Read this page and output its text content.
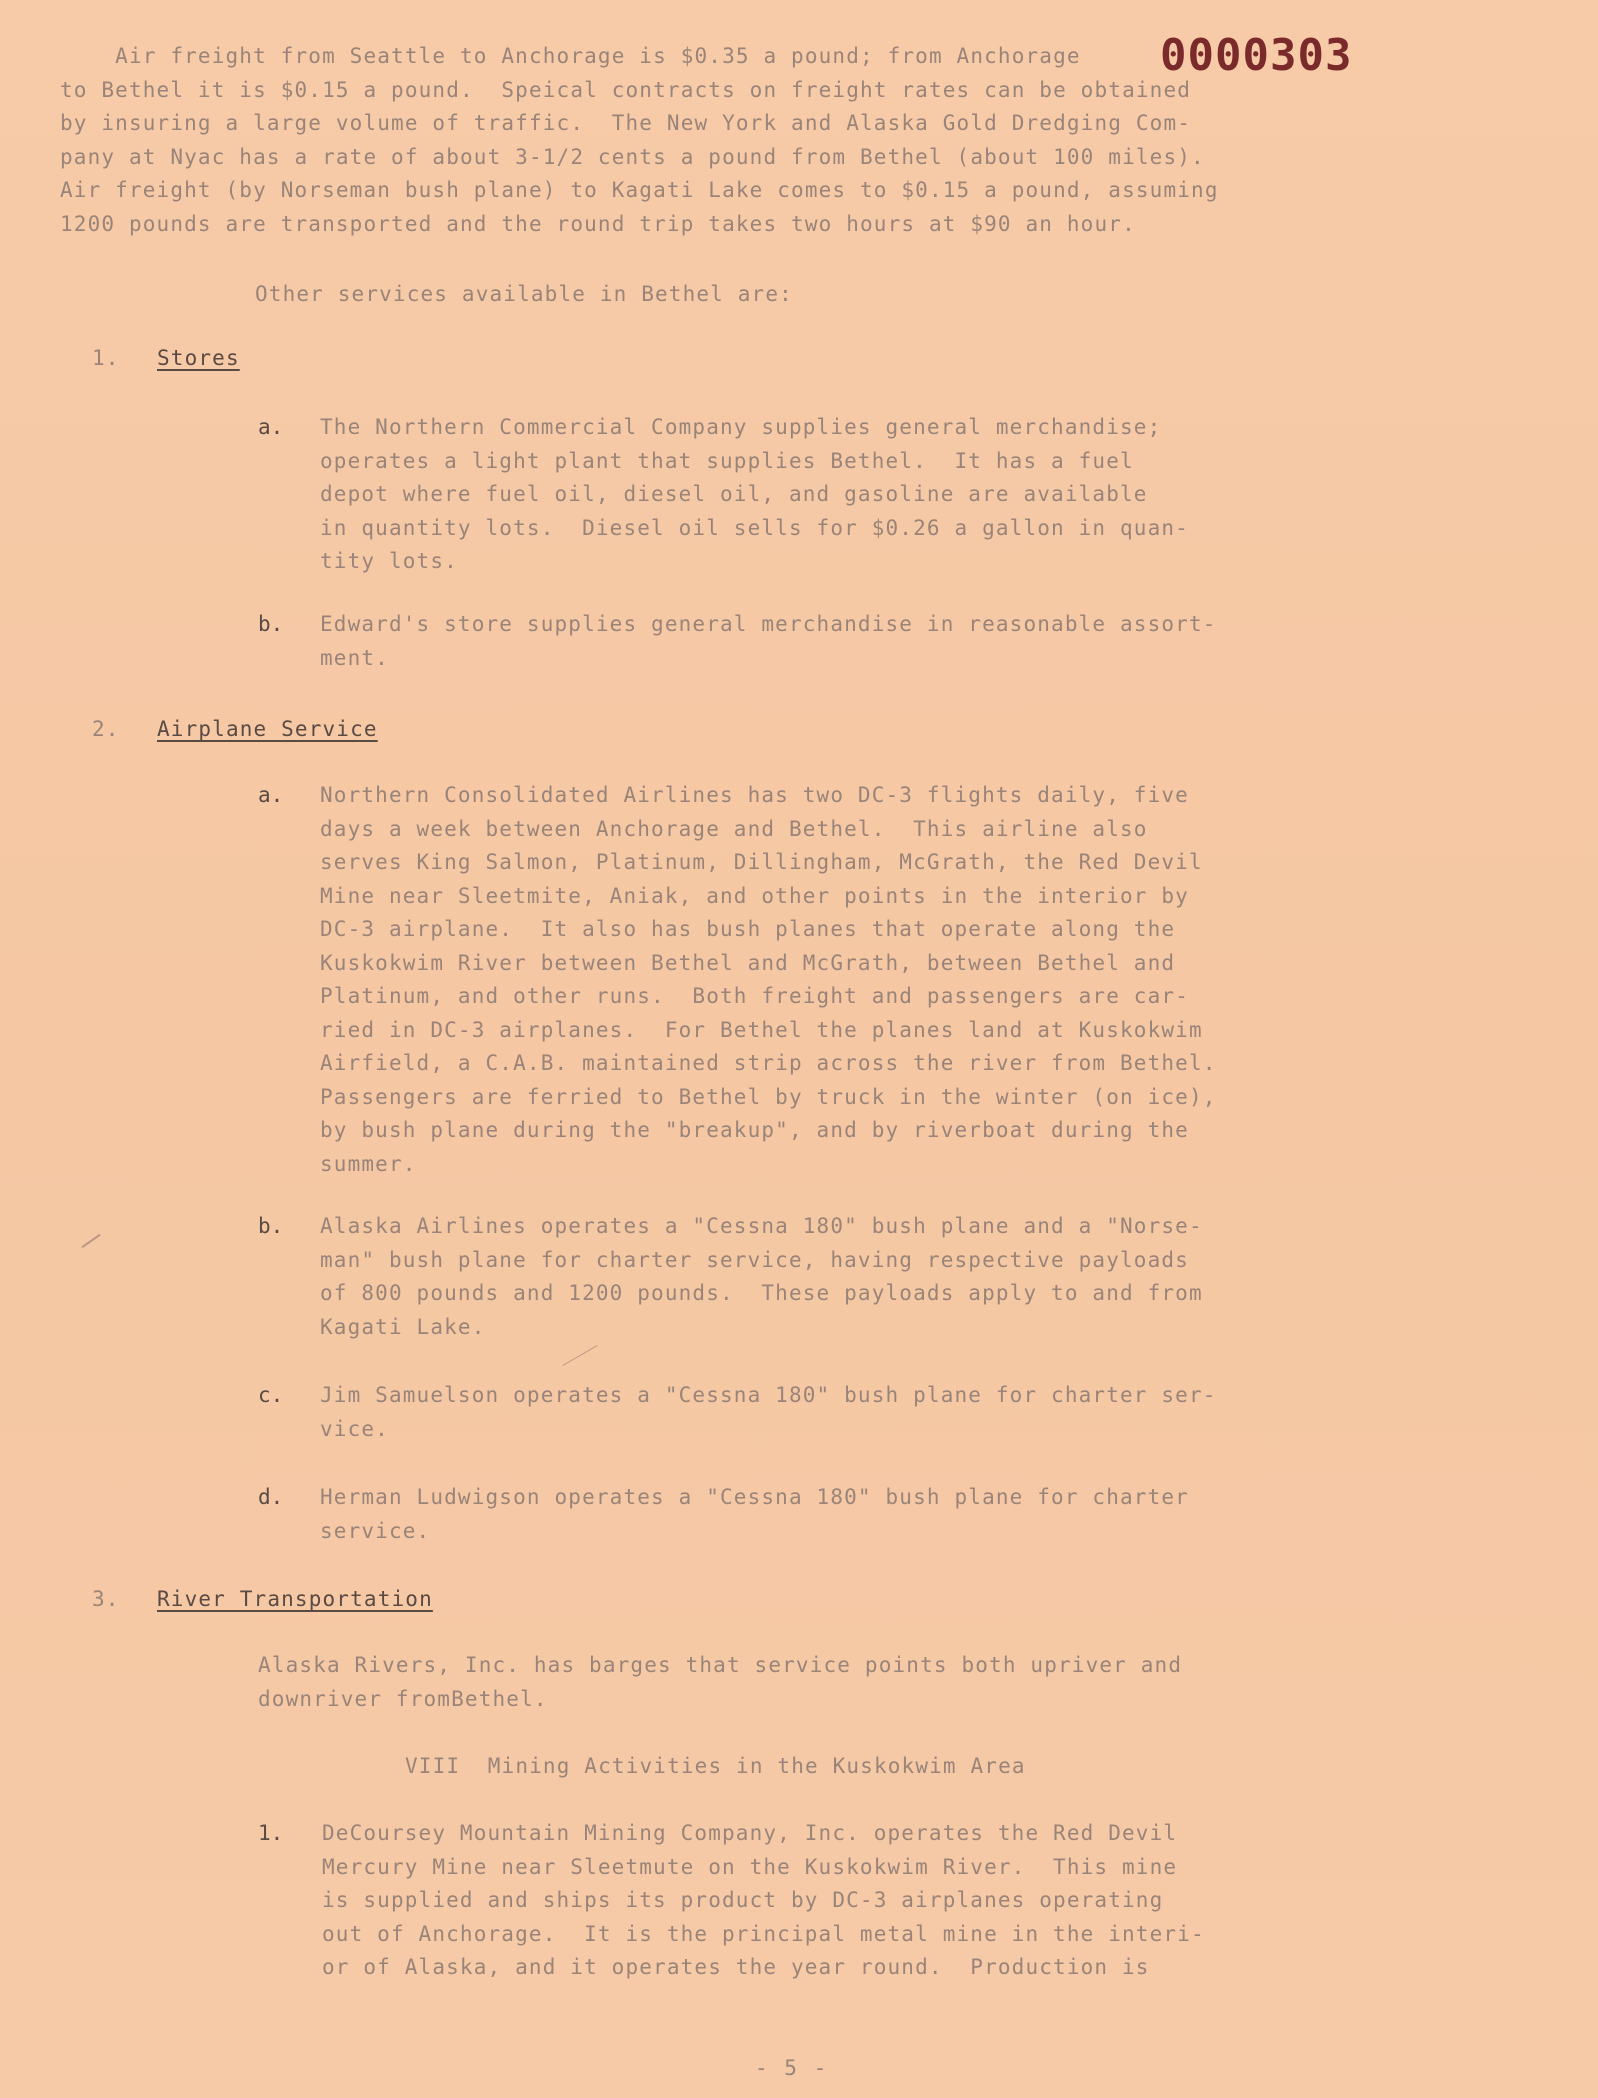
0000303
Air freight from Seattle to Anchorage is $0.35 a pound; from Anchorage
to Bethel it is $0.15 a pound.  Speical contracts on freight rates can be obtained
by insuring a large volume of traffic.  The New York and Alaska Gold Dredging Com-
pany at Nyac has a rate of about 3-1/2 cents a pound from Bethel (about 100 miles).
Air freight (by Norseman bush plane) to Kagati Lake comes to $0.15 a pound, assuming
1200 pounds are transported and the round trip takes two hours at $90 an hour.
Other services available in Bethel are:
1. Stores
a. The Northern Commercial Company supplies general merchandise;
operates a light plant that supplies Bethel.  It has a fuel
depot where fuel oil, diesel oil, and gasoline are available
in quantity lots.  Diesel oil sells for $0.26 a gallon in quan-
tity lots.
b. Edward's store supplies general merchandise in reasonable assort-
ment.
2. Airplane Service
a. Northern Consolidated Airlines has two DC-3 flights daily, five
days a week between Anchorage and Bethel.  This airline also
serves King Salmon, Platinum, Dillingham, McGrath, the Red Devil
Mine near Sleetmite, Aniak, and other points in the interior by
DC-3 airplane.  It also has bush planes that operate along the
Kuskokwim River between Bethel and McGrath, between Bethel and
Platinum, and other runs.  Both freight and passengers are car-
ried in DC-3 airplanes.  For Bethel the planes land at Kuskokwim
Airfield, a C.A.B. maintained strip across the river from Bethel.
Passengers are ferried to Bethel by truck in the winter (on ice),
by bush plane during the "breakup", and by riverboat during the
summer.
b. Alaska Airlines operates a "Cessna 180" bush plane and a "Norse-
man" bush plane for charter service, having respective payloads
of 800 pounds and 1200 pounds.  These payloads apply to and from
Kagati Lake.
c. Jim Samuelson operates a "Cessna 180" bush plane for charter ser-
vice.
d. Herman Ludwigson operates a "Cessna 180" bush plane for charter
service.
3. River Transportation
Alaska Rivers, Inc. has barges that service points both upriver and
downriver fromBethel.
VIII  Mining Activities in the Kuskokwim Area
1. DeCoursey Mountain Mining Company, Inc. operates the Red Devil
Mercury Mine near Sleetmute on the Kuskokwim River.  This mine
is supplied and ships its product by DC-3 airplanes operating
out of Anchorage.  It is the principal metal mine in the interi-
or of Alaska, and it operates the year round.  Production is
- 5 -
